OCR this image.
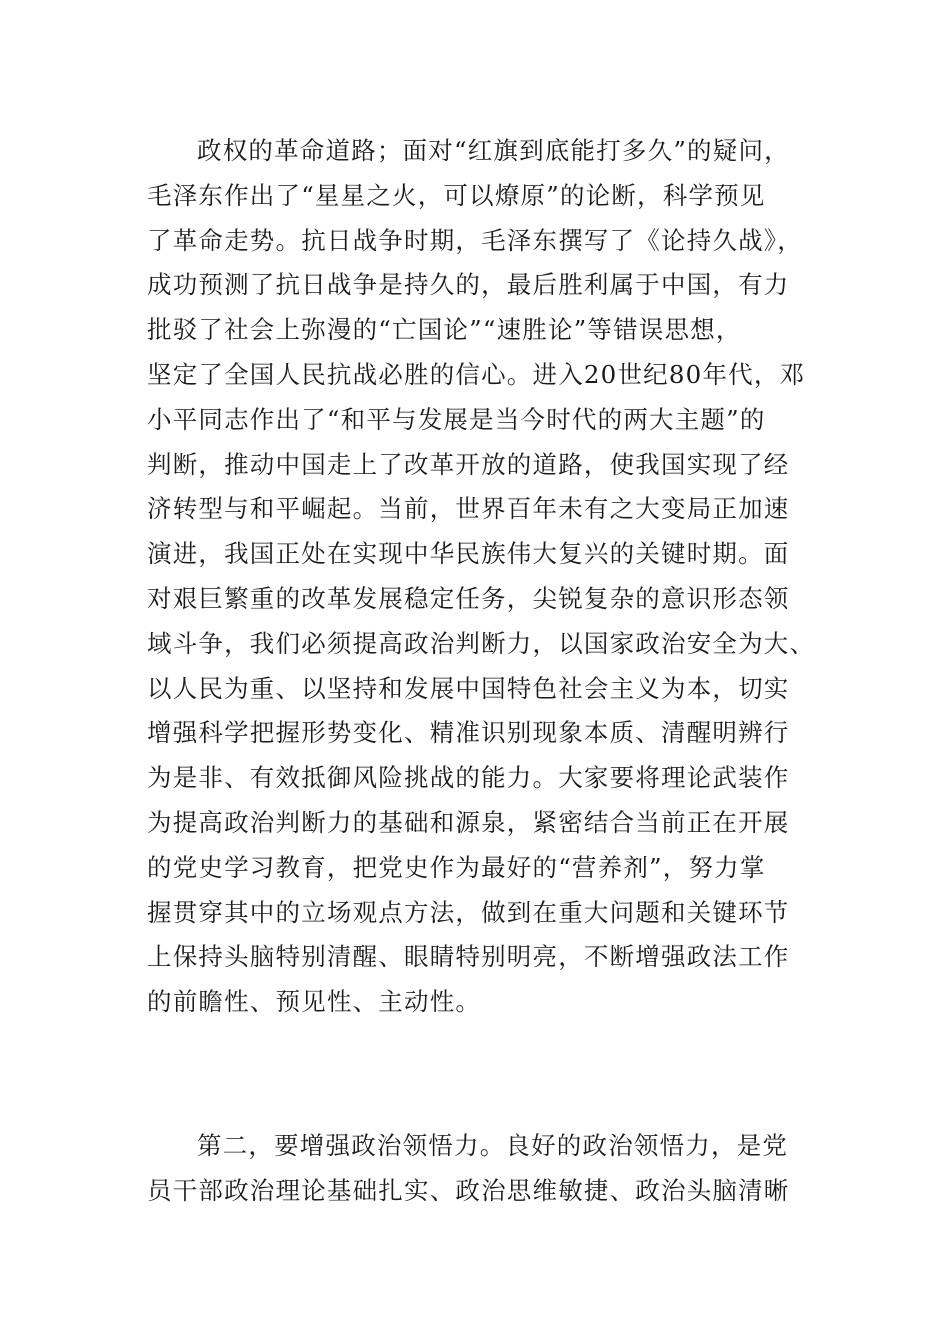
政权的革命道路；面对“红旗到底能打多久”的疑问，
毛泽东作出了“星星之火，可以燎原”的论断，科学预见
了革命走势。抗日战争时期，毛泽东撰写了《论持久战》，
成功预测了抗日战争是持久的，最后胜利属于中国，有力
批驳了社会上弥漫的“亡国论”“速胜论”等错误思想，
坚定了全国人民抗战必胜的信心。进入20世纪80年代，邓
小平同志作出了“和平与发展是当今时代的两大主题”的
判断，推动中国走上了改革开放的道路，使我国实现了经
济转型与和平崛起。当前，世界百年未有之大变局正加速
演进，我国正处在实现中华民族伟大复兴的关键时期。面
对艰巨繁重的改革发展稳定任务，尖锐复杂的意识形态领
域斗争，我们必须提高政治判断力，以国家政治安全为大、
以人民为重、以坚持和发展中国特色社会主义为本，切实
增强科学把握形势变化、精准识别现象本质、清醒明辨行
为是非、有效抵御风险挑战的能力。大家要将理论武装作
为提高政治判断力的基础和源泉，紧密结合当前正在开展
的党史学习教育，把党史作为最好的“营养剂”，努力掌
握贯穿其中的立场观点方法，做到在重大问题和关键环节
上保持头脑特别清醒、眼睛特别明亮，不断增强政法工作
的前瞻性、预见性、主动性。
第二，要增强政治领悟力。良好的政治领悟力，是党
员干部政治理论基础扎实、政治思维敏捷、政治头脑清晰
